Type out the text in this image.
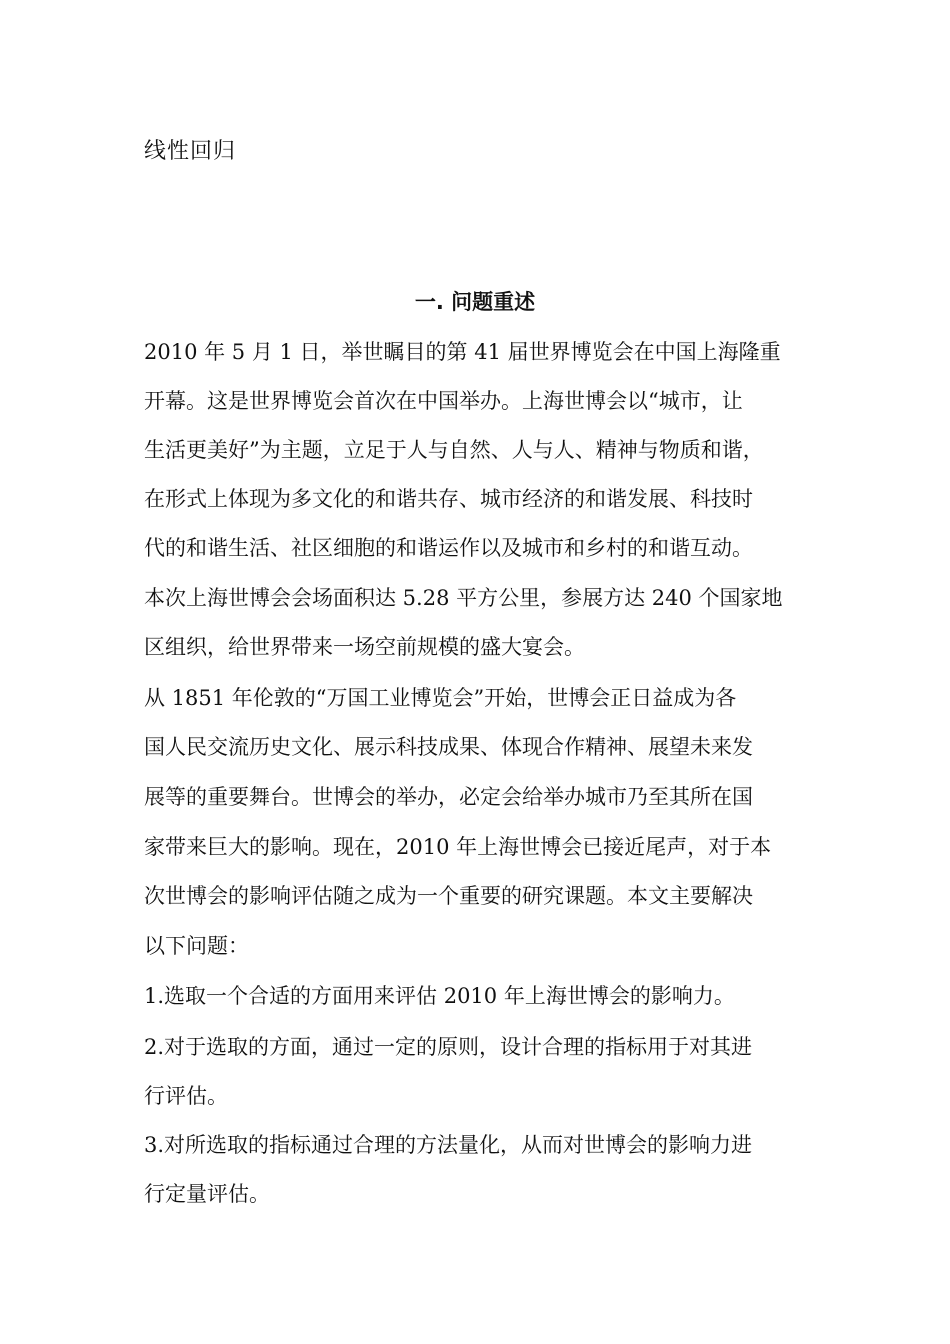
线性回归
一. 问题重述
2010 年 5 月 1 日，举世瞩目的第 41 届世界博览会在中国上海隆重
开幕。这是世界博览会首次在中国举办。上海世博会以“城市，让
生活更美好”为主题，立足于人与自然、人与人、精神与物质和谐，
在形式上体现为多文化的和谐共存、城市经济的和谐发展、科技时
代的和谐生活、社区细胞的和谐运作以及城市和乡村的和谐互动。
本次上海世博会会场面积达 5.28 平方公里，参展方达 240 个国家地
区组织，给世界带来一场空前规模的盛大宴会。
从 1851 年伦敦的“万国工业博览会”开始，世博会正日益成为各
国人民交流历史文化、展示科技成果、体现合作精神、展望未来发
展等的重要舞台。世博会的举办，必定会给举办城市乃至其所在国
家带来巨大的影响。现在，2010 年上海世博会已接近尾声，对于本
次世博会的影响评估随之成为一个重要的研究课题。本文主要解决
以下问题：
1.选取一个合适的方面用来评估 2010 年上海世博会的影响力。
2.对于选取的方面，通过一定的原则，设计合理的指标用于对其进
行评估。
3.对所选取的指标通过合理的方法量化，从而对世博会的影响力进
行定量评估。
